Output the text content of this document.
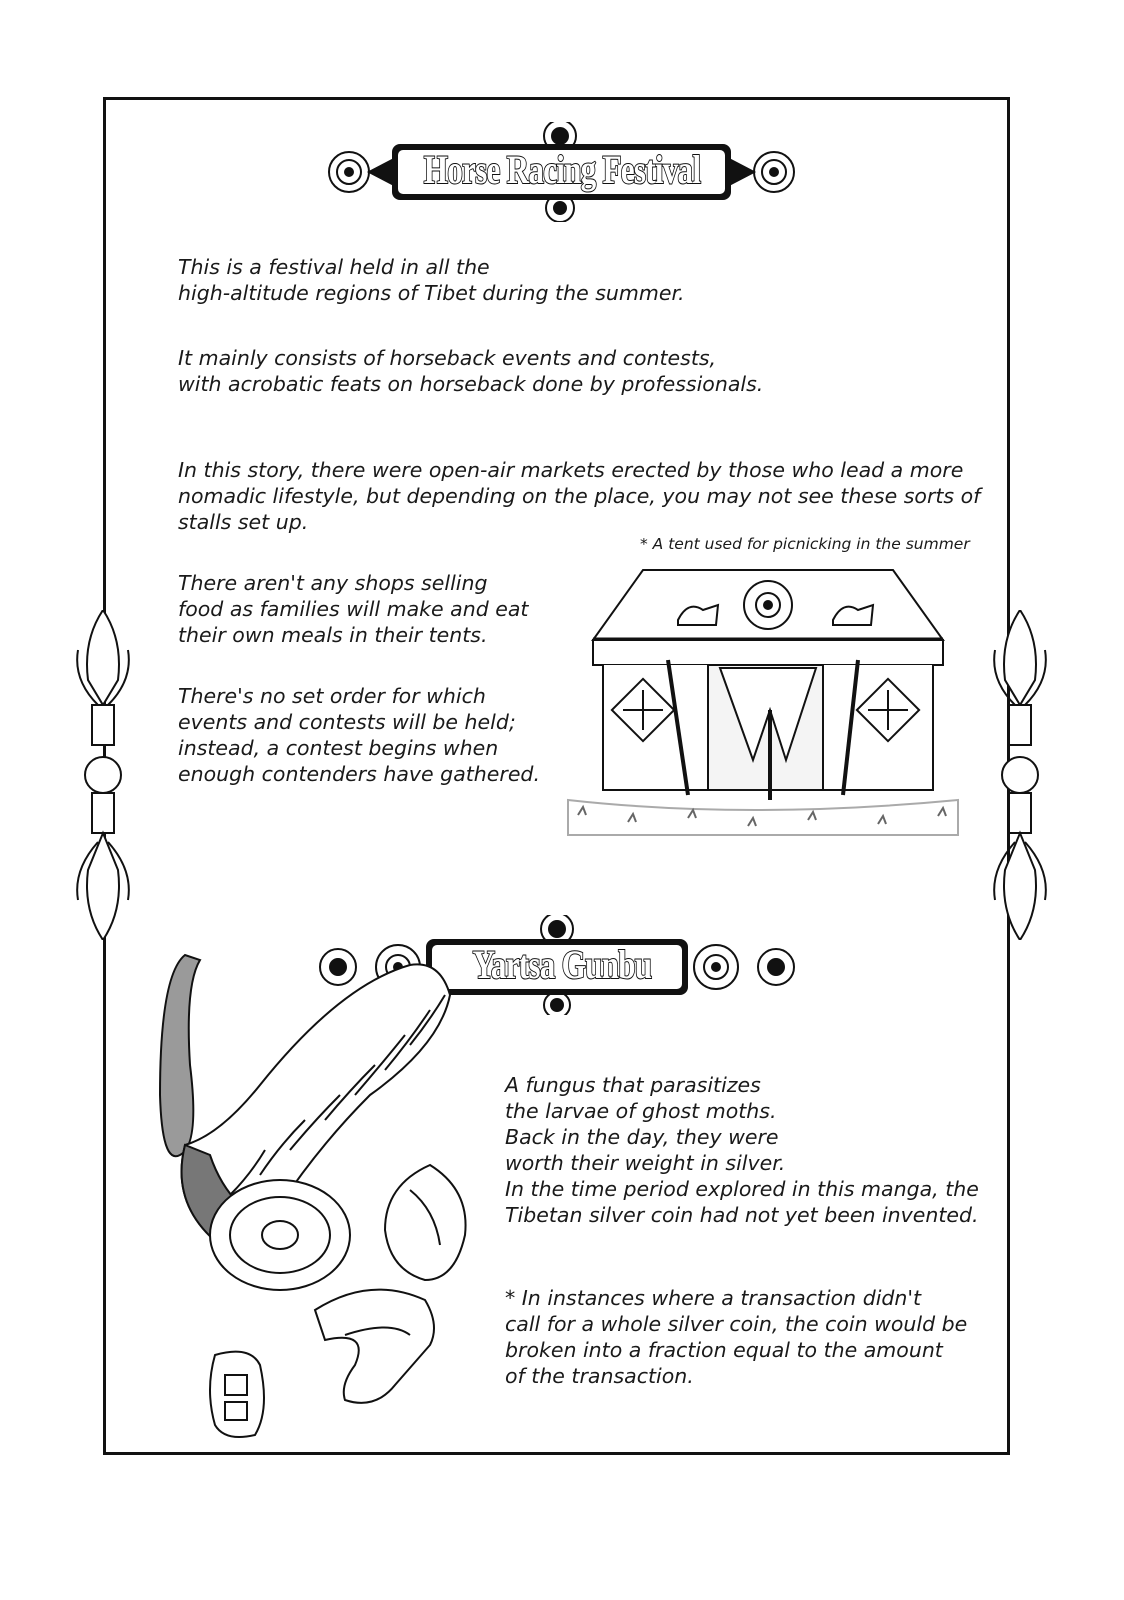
Horse Racing Festival

This is a festival held in all the
high-altitude regions of Tibet during the summer.

It mainly consists of horseback events and contests,
with acrobatic feats on horseback done by professionals.

In this story, there were open-air markets erected by those who lead a more
nomadic lifestyle, but depending on the place, you may not see these sorts of
stalls set up.

There aren't any shops selling
food as families will make and eat
their own meals in their tents.

There's no set order for which
events and contests will be held;
instead, a contest begins when
enough contenders have gathered.

* A tent used for picnicking in the summer

Yartsa Gunbu

A fungus that parasitizes
the larvae of ghost moths.
Back in the day, they were
worth their weight in silver.
In the time period explored in this manga, the
Tibetan silver coin had not yet been invented.

* In instances where a transaction didn't
call for a whole silver coin, the coin would be
broken into a fraction equal to the amount
of the transaction.
